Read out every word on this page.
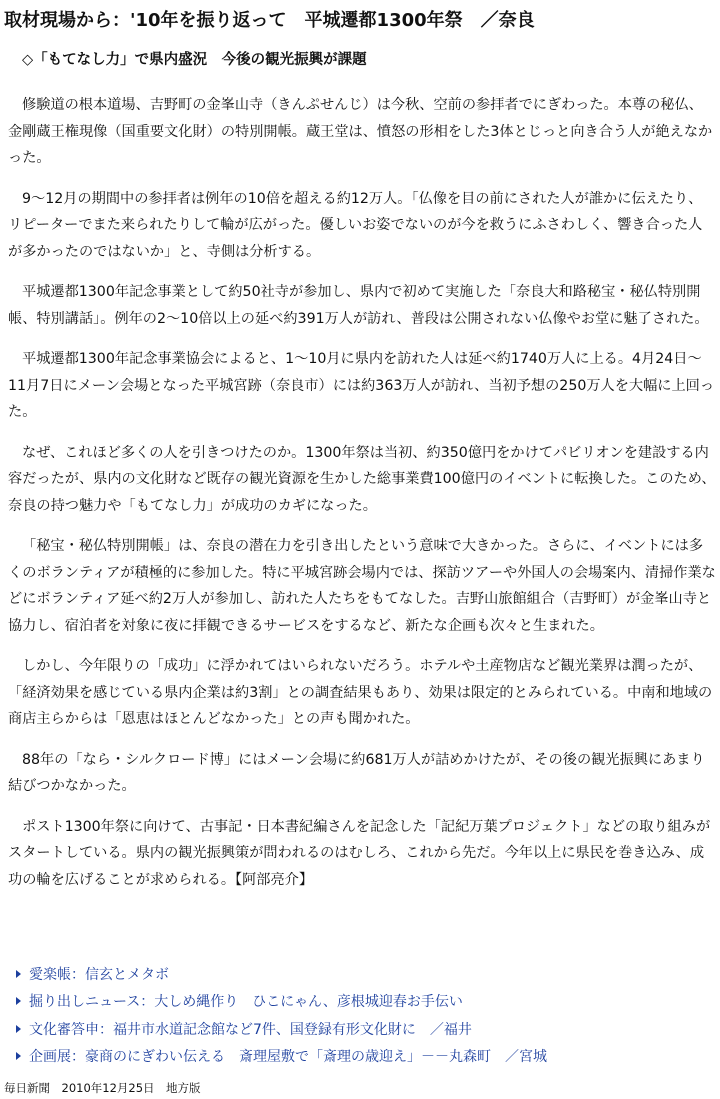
取材現場から：'10年を振り返って　平城遷都1300年祭　／奈良
◇「もてなし力」で県内盛況　今後の観光振興が課題

修験道の根本道場、吉野町の金峯山寺（きんぷせんじ）は今秋、空前の参拝者でにぎわった。本尊の秘仏、金剛蔵王権現像（国重要文化財）の特別開帳。蔵王堂は、憤怒の形相をした3体とじっと向き合う人が絶えなかった。

9～12月の期間中の参拝者は例年の10倍を超える約12万人。「仏像を目の前にされた人が誰かに伝えたり、リピーターでまた来られたりして輪が広がった。優しいお姿でないのが今を救うにふさわしく、響き合った人が多かったのではないか」と、寺側は分析する。

平城遷都1300年記念事業として約50社寺が参加し、県内で初めて実施した「奈良大和路秘宝・秘仏特別開帳、特別講話」。例年の2～10倍以上の延べ約391万人が訪れ、普段は公開されない仏像やお堂に魅了された。

平城遷都1300年記念事業協会によると、1～10月に県内を訪れた人は延べ約1740万人に上る。4月24日～11月7日にメーン会場となった平城宮跡（奈良市）には約363万人が訪れ、当初予想の250万人を大幅に上回った。

なぜ、これほど多くの人を引きつけたのか。1300年祭は当初、約350億円をかけてパビリオンを建設する内容だったが、県内の文化財など既存の観光資源を生かした総事業費100億円のイベントに転換した。このため、奈良の持つ魅力や「もてなし力」が成功のカギになった。

「秘宝・秘仏特別開帳」は、奈良の潜在力を引き出したという意味で大きかった。さらに、イベントには多くのボランティアが積極的に参加した。特に平城宮跡会場内では、探訪ツアーや外国人の会場案内、清掃作業などにボランティア延べ約2万人が参加し、訪れた人たちをもてなした。吉野山旅館組合（吉野町）が金峯山寺と協力し、宿泊者を対象に夜に拝観できるサービスをするなど、新たな企画も次々と生まれた。

しかし、今年限りの「成功」に浮かれてはいられないだろう。ホテルや土産物店など観光業界は潤ったが、「経済効果を感じている県内企業は約3割」との調査結果もあり、効果は限定的とみられている。中南和地域の商店主らからは「恩恵はほとんどなかった」との声も聞かれた。

88年の「なら・シルクロード博」にはメーン会場に約681万人が詰めかけたが、その後の観光振興にあまり結びつかなかった。

ポスト1300年祭に向けて、古事記・日本書紀編さんを記念した「記紀万葉プロジェクト」などの取り組みがスタートしている。県内の観光振興策が問われるのはむしろ、これから先だ。今年以上に県民を巻き込み、成功の輪を広げることが求められる。【阿部亮介】

愛楽帳：信玄とメタボ
掘り出しニュース：大しめ縄作り　ひこにゃん、彦根城迎春お手伝い
文化審答申：福井市水道記念館など7件、国登録有形文化財に　／福井
企画展：豪商のにぎわい伝える　斎理屋敷で「斎理の歳迎え」－－丸森町　／宮城
毎日新聞　2010年12月25日　地方版
